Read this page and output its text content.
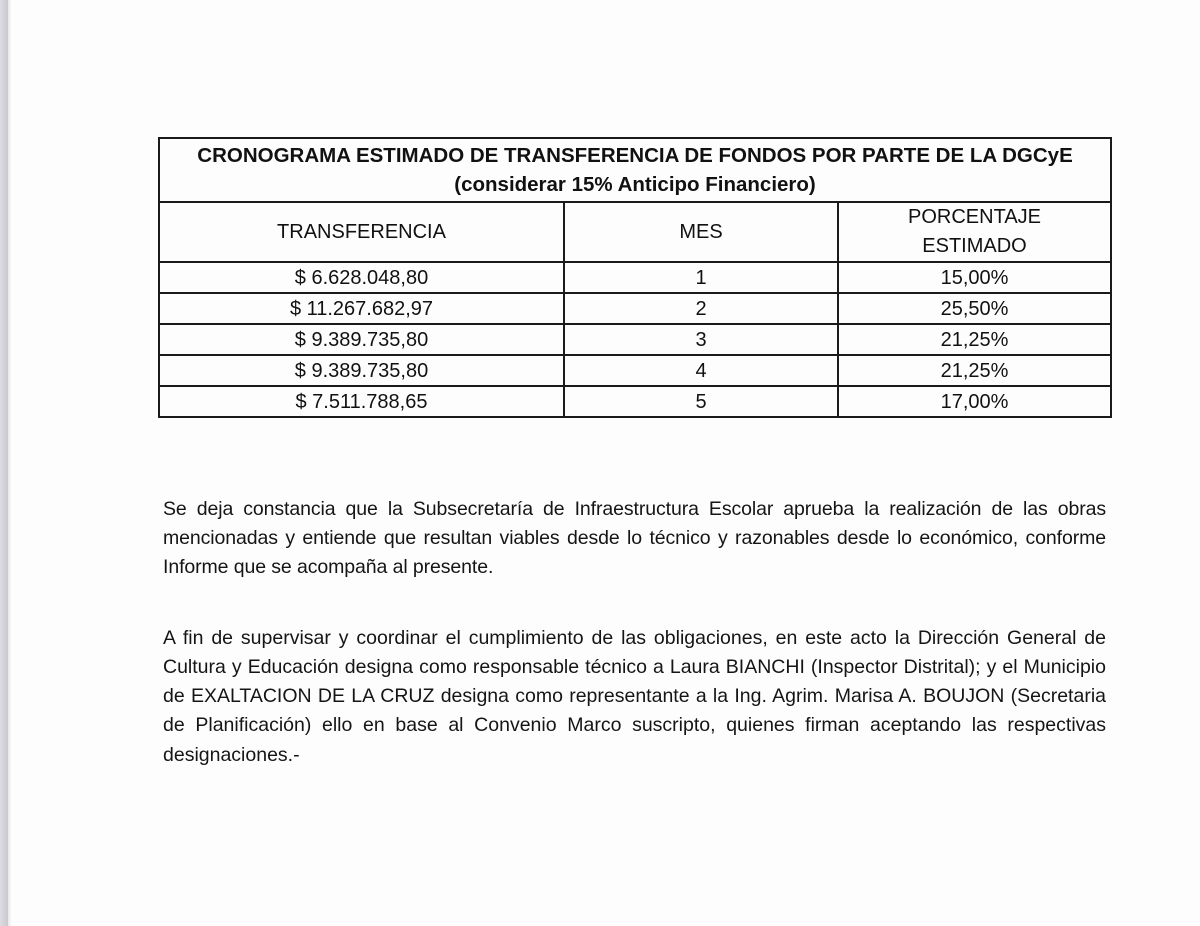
CRONOGRAMA ESTIMADO DE TRANSFERENCIA DE FONDOS POR PARTE DE LA DGCyE (considerar 15% Anticipo Financiero)		
TRANSFERENCIA	MES	PORCENTAJE ESTIMADO
$ 6.628.048,80	1	15,00%
$ 11.267.682,97	2	25,50%
$ 9.389.735,80	3	21,25%
$ 9.389.735,80	4	21,25%
$ 7.511.788,65	5	17,00%

Se deja constancia que la Subsecretaría de Infraestructura Escolar aprueba la realización de las obras mencionadas y entiende que resultan viables desde lo técnico y razonables desde lo económico, conforme Informe que se acompaña al presente.

A fin de supervisar y coordinar el cumplimiento de las obligaciones, en este acto la Dirección General de Cultura y Educación designa como responsable técnico a Laura BIANCHI (Inspector Distrital); y el Municipio de EXALTACION DE LA CRUZ designa como representante a la Ing. Agrim. Marisa A. BOUJON (Secretaria de Planificación) ello en base al Convenio Marco suscripto, quienes firman aceptando las respectivas designaciones.-
